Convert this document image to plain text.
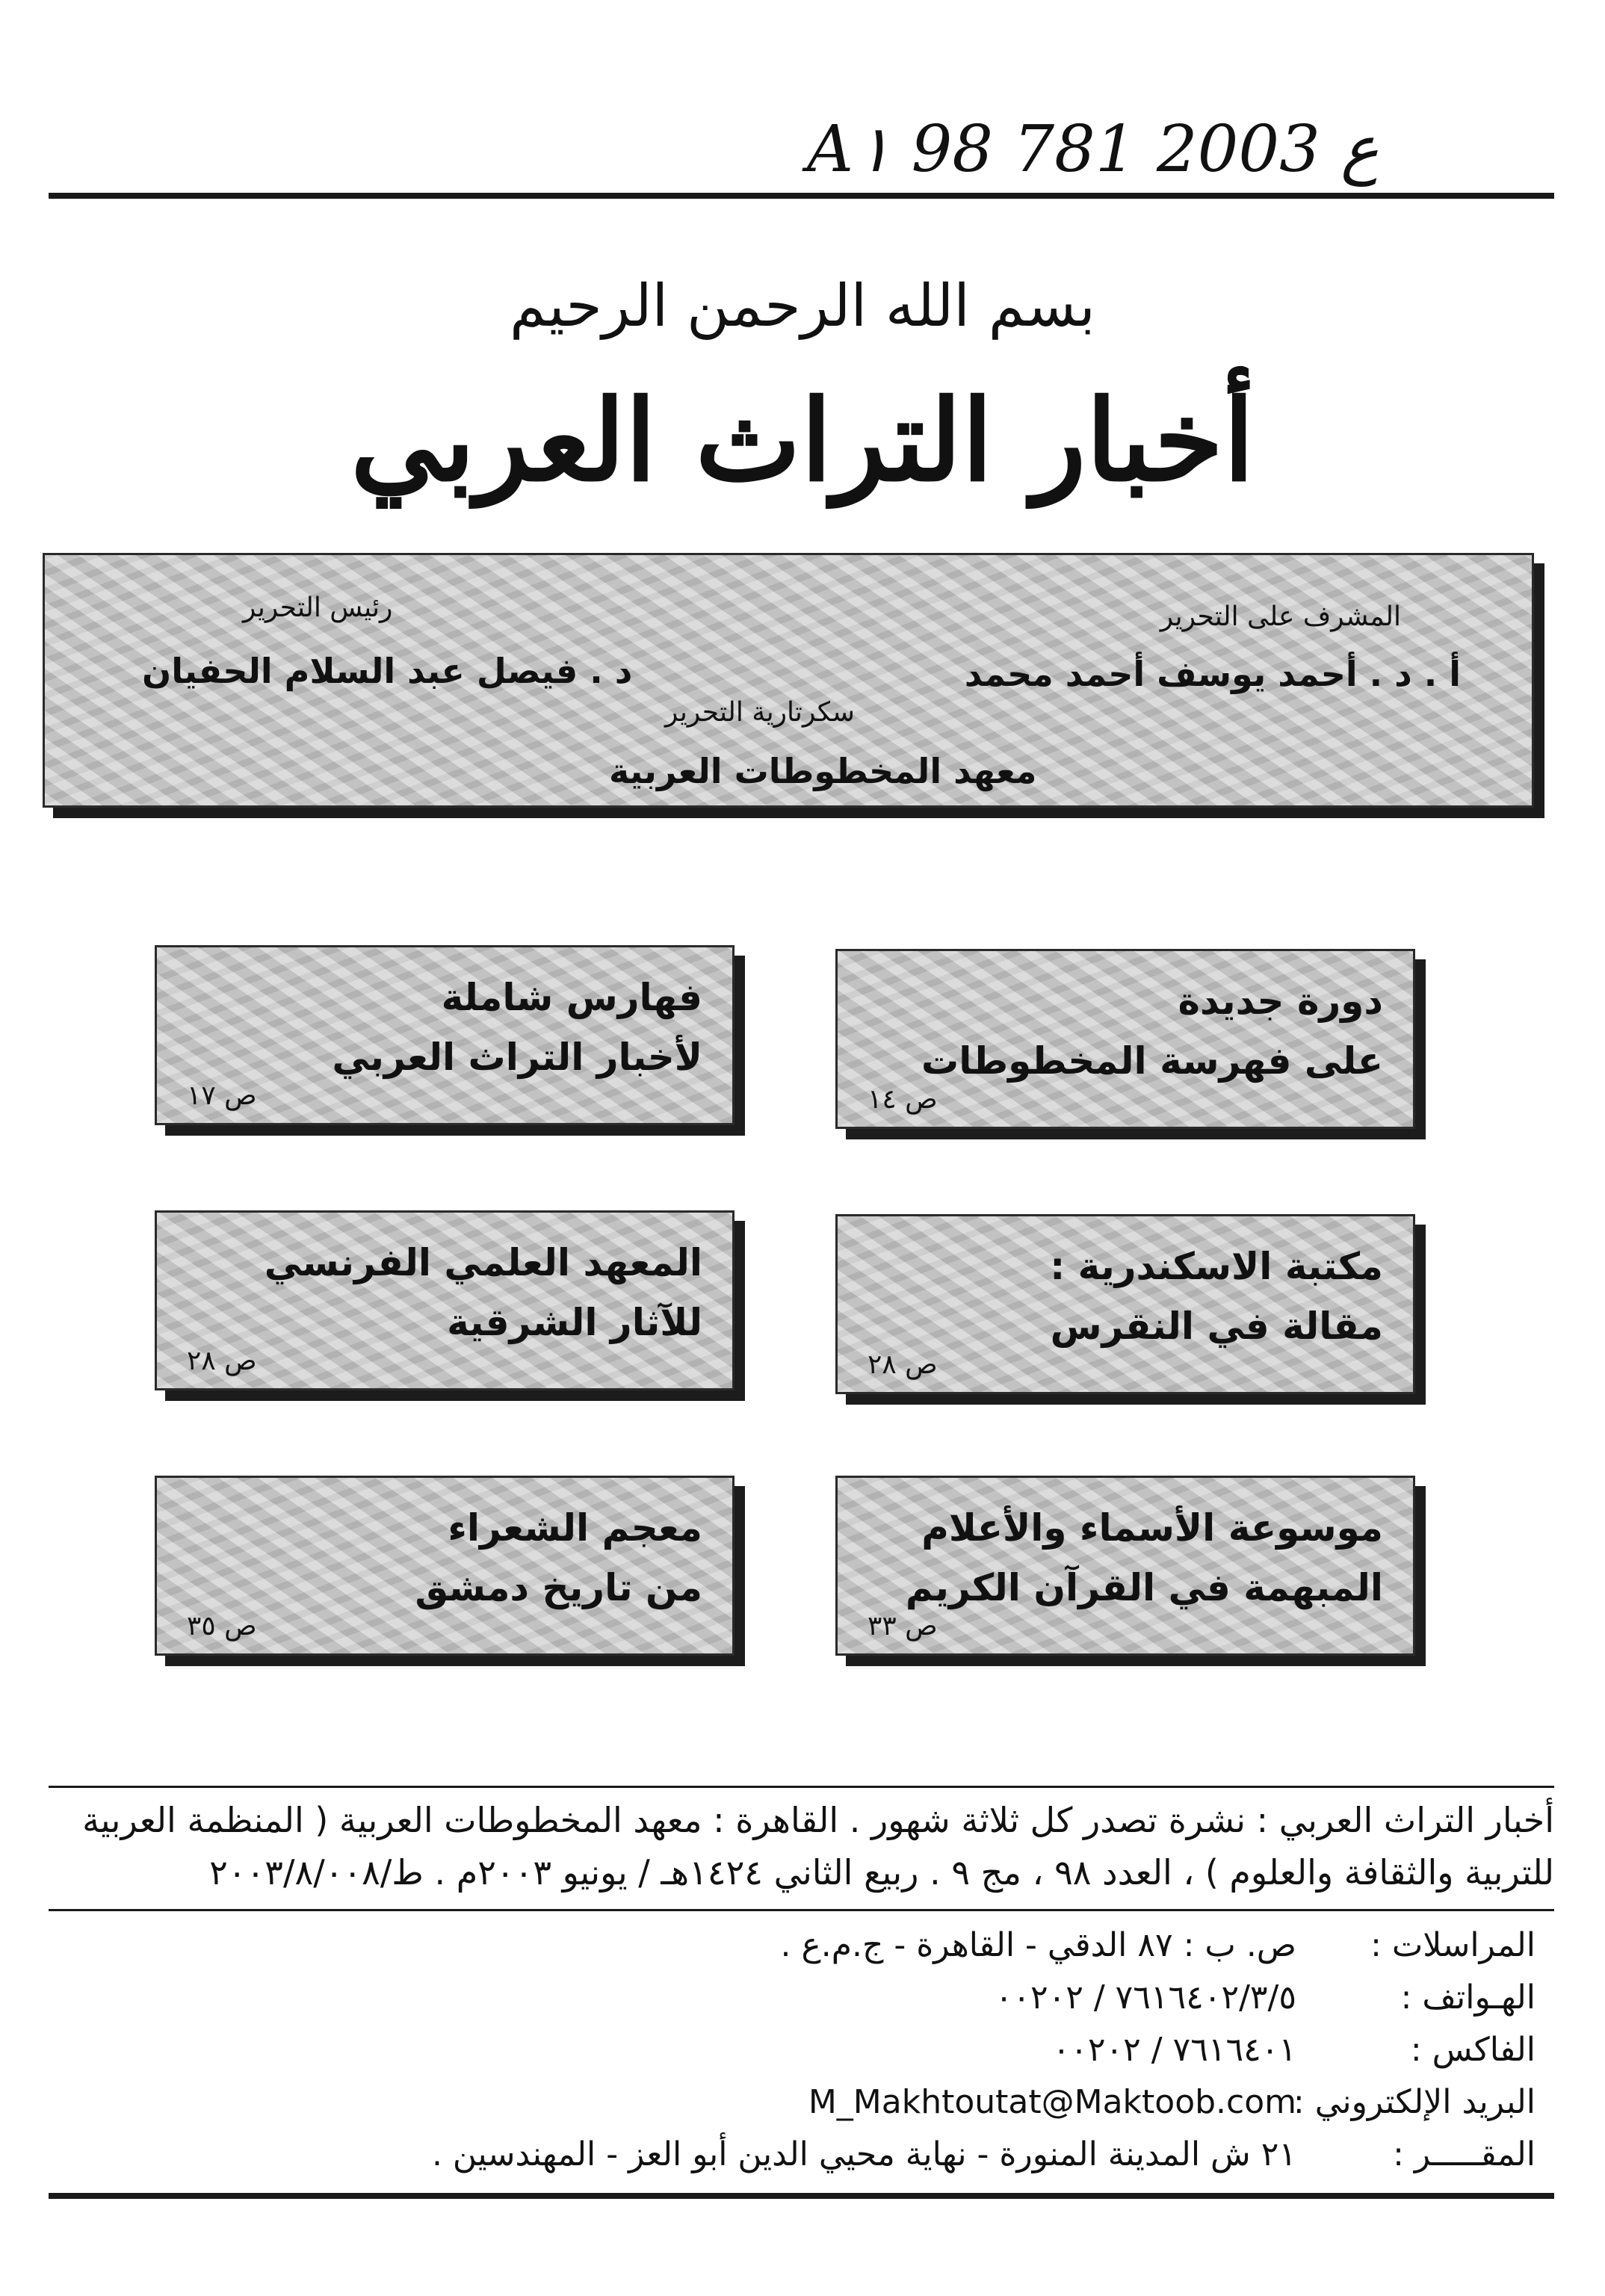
A١ 98 ع 2003 781
بسم الله الرحمن الرحيم
أخبار التراث العربي
المشرف على التحرير
أ . د . أحمد يوسف أحمد محمد
رئيس التحرير
د . فيصل عبد السلام الحفيان
سكرتارية التحرير
معهد المخطوطات العربية
دورة جديدة
على فهرسة المخطوطات
ص ١٤
فهارس شاملة
لأخبار التراث العربي
ص ١٧
مكتبة الاسكندرية :
مقالة في النقرس
ص ٢٨
المعهد العلمي الفرنسي
للآثار الشرقية
ص ٢٨
موسوعة الأسماء والأعلام
المبهمة في القرآن الكريم
ص ٣٣
معجم الشعراء
من تاريخ دمشق
ص ٣٥
أخبار التراث العربي : نشرة تصدر كل ثلاثة شهور . القاهرة : معهد المخطوطات العربية ( المنظمة العربية
للتربية والثقافة والعلوم ) ، العدد ٩٨ ، مج ٩ . ربيع الثاني ١٤٢٤هـ / يونيو ٢٠٠٣م . ط/٢٠٠٣/٨/٠٠٨
المراسلات :
ص. ب : ٨٧ الدقي - القاهرة - ج.م.ع .
الهـواتف :
٧٦١٦٤٠٢/٣/٥ / ٠٠٢٠٢
الفاكس :
٧٦١٦٤٠١ / ٠٠٢٠٢
البريد الإلكتروني :
M_Makhtoutat@Maktoob.com
المقـــــر :
٢١ ش المدينة المنورة - نهاية محيي الدين أبو العز - المهندسين .
